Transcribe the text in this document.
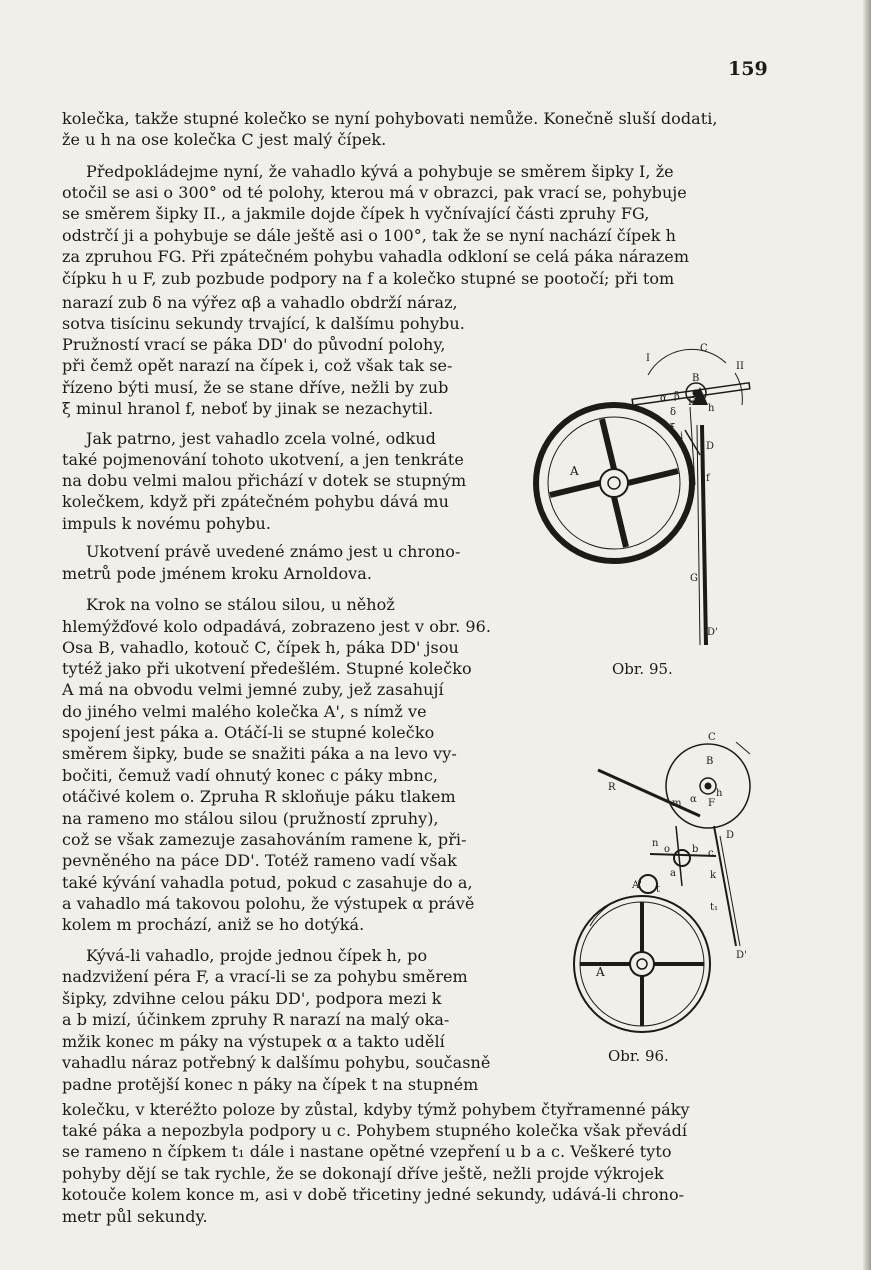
159
kolečka, takže stupné kolečko se nyní pohybovati nemůže. Konečně sluší dodati,
že u h na ose kolečka C jest malý čípek.
Předpokládejme nyní, že vahadlo kývá a pohybuje se směrem šipky I, že
otočil se asi o 300° od té polohy, kterou má v obrazci, pak vrací se, pohybuje
se směrem šipky II., a jakmile dojde čípek h vyčnívající části zpruhy FG,
odstrčí ji a pohybuje se dále ještě asi o 100°, tak že se nyní nachází čípek h
za zpruhou FG. Při zpátečném pohybu vahadla odkloní se celá páka nárazem
čípku h u F, zub pozbude podpory na f a kolečko stupné se pootočí; při tom
narazí zub δ na výřez αβ a vahadlo obdrží náraz,
sotva tisícinu sekundy trvající, k dalšímu pohybu.
Pružností vrací se páka DD' do původní polohy,
při čemž opět narazí na čípek i, což však tak se-
řízeno býti musí, že se stane dříve, nežli by zub
ξ minul hranol f, neboť by jinak se nezachytil.
Jak patrno, jest vahadlo zcela volné, odkud
také pojmenování tohoto ukotvení, a jen tenkráte
na dobu velmi malou přichází v dotek se stupným
kolečkem, když při zpátečném pohybu dává mu
impuls k novému pohybu.
Ukotvení právě uvedené známo jest u chrono-
metrů pode jménem kroku Arnoldova.
Krok na volno se stálou silou, u něhož
hlemýžďové kolo odpadává, zobrazeno jest v obr. 96.
Osa B, vahadlo, kotouč C, čípek h, páka DD' jsou
tytéž jako při ukotvení předešlém. Stupné kolečko
A má na obvodu velmi jemné zuby, jež zasahují
do jiného velmi malého kolečka A', s nímž ve
spojení jest páka a. Otáčí-li se stupné kolečko
směrem šipky, bude se snažiti páka a na levo vy-
bočiti, čemuž vadí ohnutý konec c páky mbnc,
otáčivé kolem o. Zpruha R skloňuje páku tlakem
na rameno mo stálou silou (pružností zpruhy),
což se však zamezuje zasahováním ramene k, při-
pevněného na páce DD'. Totéž rameno vadí však
také kývání vahadla potud, pokud c zasahuje do a,
a vahadlo má takovou polohu, že výstupek α právě
kolem m prochází, aniž se ho dotýká.
Kývá-li vahadlo, projde jednou čípek h, po
nadzvižení péra F, a vrací-li se za pohybu směrem
šipky, zdvihne celou páku DD', podpora mezi k
a b mizí, účinkem zpruhy R narazí na malý oka-
mžik konec m páky na výstupek α a takto udělí
vahadlu náraz potřebný k dalšímu pohybu, současně
padne protější konec n páky na čípek t na stupném
kolečku, v kteréžto poloze by zůstal, kdyby týmž pohybem čtyřramenné páky
také páka a nepozbyla podpory u c. Pohybem stupného kolečka však převádí
se rameno n čípkem t₁ dále i nastane opětné vzepření u b a c. Veškeré tyto
pohyby dějí se tak rychle, že se dokonají dříve ještě, nežli projde výkrojek
kotouče kolem konce m, asi v době třicetiny jedné sekundy, udává-li chrono-
metr půl sekundy.
I
C
II
B
α β
h
F
δ
ξ
i
D
f
A
G
D'
Obr. 95.
C
B
R
m α F
h
o
D
n
b c
k
a
t
A'
A
t₁
D'
Obr. 96.
